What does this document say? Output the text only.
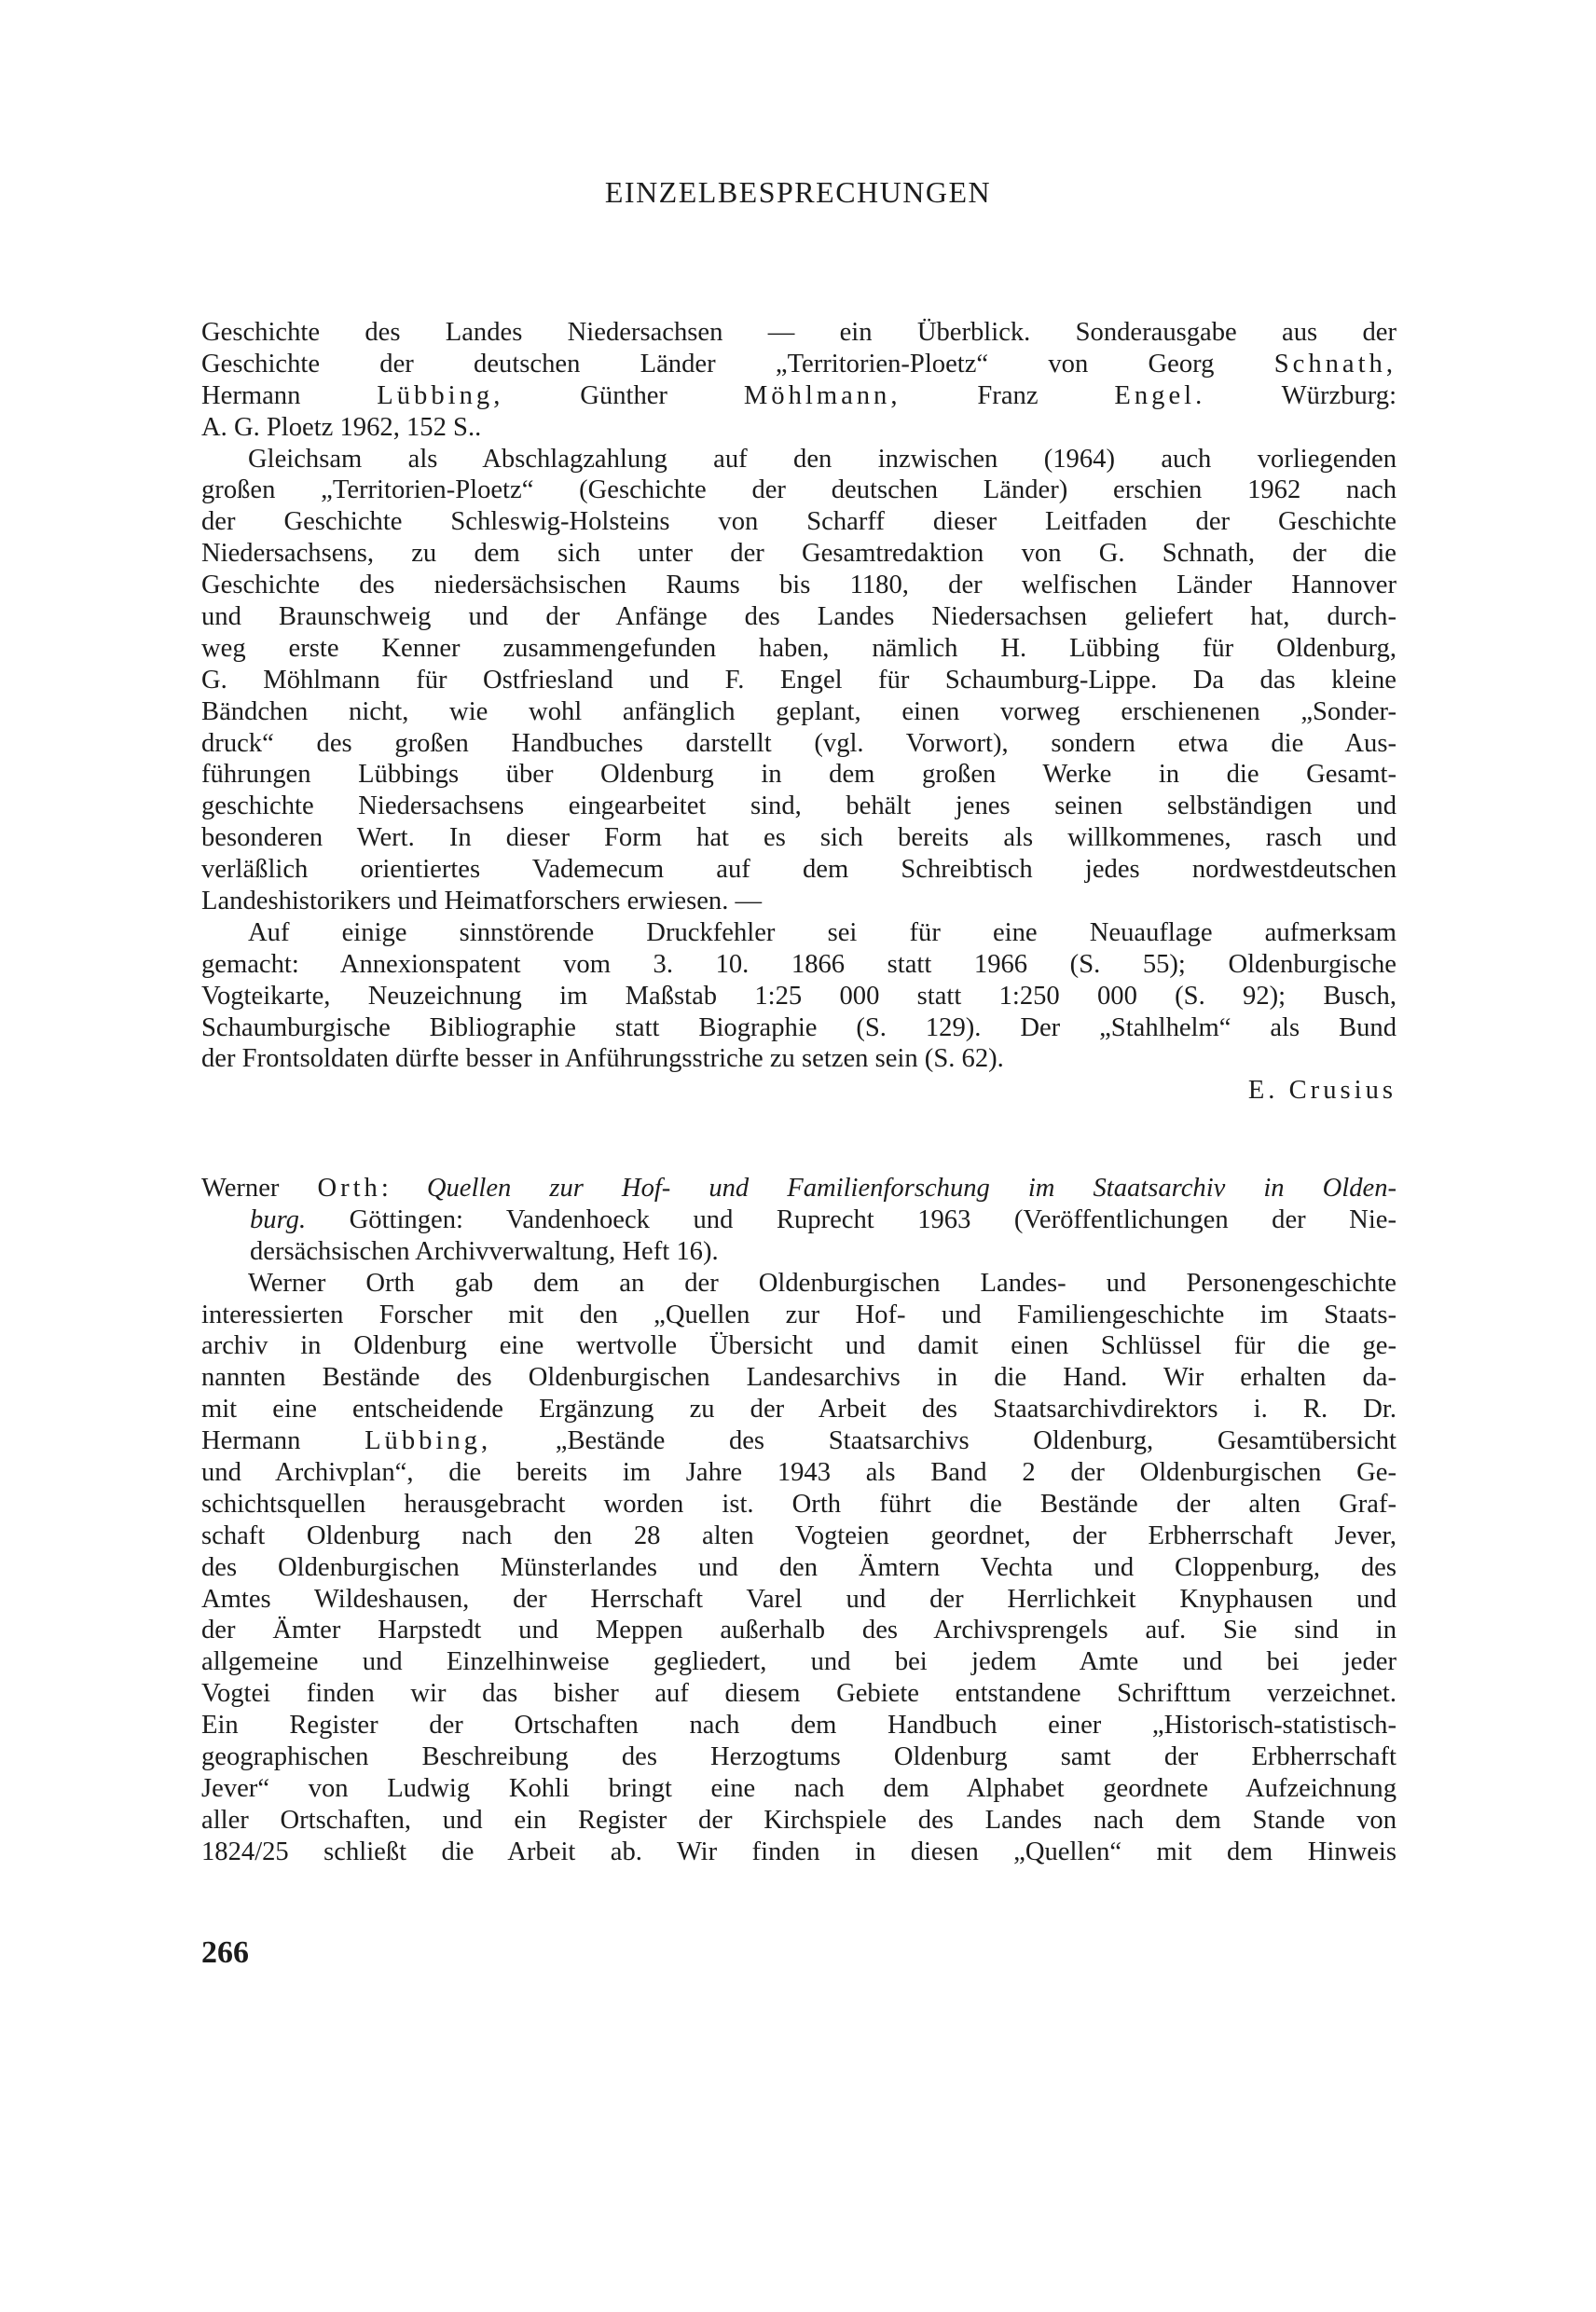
EINZELBESPRECHUNGEN
Geschichte des Landes Niedersachsen — ein Überblick. Sonderausgabe aus der
Geschichte der deutschen Länder „Territorien-Ploetz“ von Georg Schnath,
Hermann	Lübbing,	Günther	Möhlmann,	Franz	Engel.	Würzburg:
A. G. Ploetz 1962, 152 S..
Gleichsam als Abschlagzahlung auf den inzwischen (1964) auch vorliegenden
großen „Territorien-Ploetz“ (Geschichte der deutschen Länder) erschien 1962 nach
der Geschichte Schleswig-Holsteins von Scharff dieser Leitfaden der Geschichte
Niedersachsens, zu dem sich unter der Gesamtredaktion von G. Schnath, der die
Geschichte des niedersächsischen Raums bis 1180, der welfischen Länder Hannover
und Braunschweig und der Anfänge des Landes Niedersachsen geliefert hat, durch-
weg erste Kenner zusammengefunden haben, nämlich H. Lübbing für Oldenburg,
G. Möhlmann für Ostfriesland und F. Engel für Schaumburg-Lippe. Da das kleine
Bändchen nicht, wie wohl anfänglich geplant, einen vorweg erschienenen „Sonder-
druck“ des großen Handbuches darstellt (vgl. Vorwort), sondern etwa die Aus-
führungen Lübbings über Oldenburg in dem großen Werke in die Gesamt-
geschichte Niedersachsens eingearbeitet sind, behält jenes seinen selbständigen und
besonderen Wert. In dieser Form hat es sich bereits als willkommenes, rasch und
verläßlich orientiertes Vademecum auf dem Schreibtisch jedes nordwestdeutschen
Landeshistorikers und Heimatforschers erwiesen. —
Auf einige sinnstörende Druckfehler sei für eine Neuauflage aufmerksam
gemacht: Annexionspatent vom 3. 10. 1866 statt 1966 (S. 55); Oldenburgische
Vogteikarte, Neuzeichnung im Maßstab 1:25 000 statt 1:250 000 (S. 92); Busch,
Schaumburgische Bibliographie statt Biographie (S. 129). Der „Stahlhelm“ als Bund
der Frontsoldaten dürfte besser in Anführungsstriche zu setzen sein (S. 62).
E. Crusius
Werner Orth: Quellen zur Hof- und Familienforschung im Staatsarchiv in Olden-
burg. Göttingen: Vandenhoeck und Ruprecht 1963 (Veröffentlichungen der Nie-
dersächsischen Archivverwaltung, Heft 16).
Werner Orth gab dem an der Oldenburgischen Landes- und Personengeschichte
interessierten Forscher mit den „Quellen zur Hof- und Familiengeschichte im Staats-
archiv in Oldenburg eine wertvolle Übersicht und damit einen Schlüssel für die ge-
nannten Bestände des Oldenburgischen Landesarchivs in die Hand. Wir erhalten da-
mit eine entscheidende Ergänzung zu der Arbeit des Staatsarchivdirektors i. R. Dr.
Hermann Lübbing, „Bestände des Staatsarchivs Oldenburg, Gesamtübersicht
und Archivplan“, die bereits im Jahre 1943 als Band 2 der Oldenburgischen Ge-
schichtsquellen herausgebracht worden ist. Orth führt die Bestände der alten Graf-
schaft Oldenburg nach den 28 alten Vogteien geordnet, der Erbherrschaft Jever,
des Oldenburgischen Münsterlandes und den Ämtern Vechta und Cloppenburg, des
Amtes Wildeshausen, der Herrschaft Varel und der Herrlichkeit Knyphausen und
der Ämter Harpstedt und Meppen außerhalb des Archivsprengels auf. Sie sind in
allgemeine und Einzelhinweise gegliedert, und bei jedem Amte und bei jeder
Vogtei finden wir das bisher auf diesem Gebiete entstandene Schrifttum verzeichnet.
Ein Register der Ortschaften nach dem Handbuch einer „Historisch-statistisch-
geographischen Beschreibung des Herzogtums Oldenburg samt der Erbherrschaft
Jever“ von Ludwig Kohli bringt eine nach dem Alphabet geordnete Aufzeichnung
aller Ortschaften, und ein Register der Kirchspiele des Landes nach dem Stande von
1824/25 schließt die Arbeit ab. Wir finden in diesen „Quellen“ mit dem Hinweis
266
